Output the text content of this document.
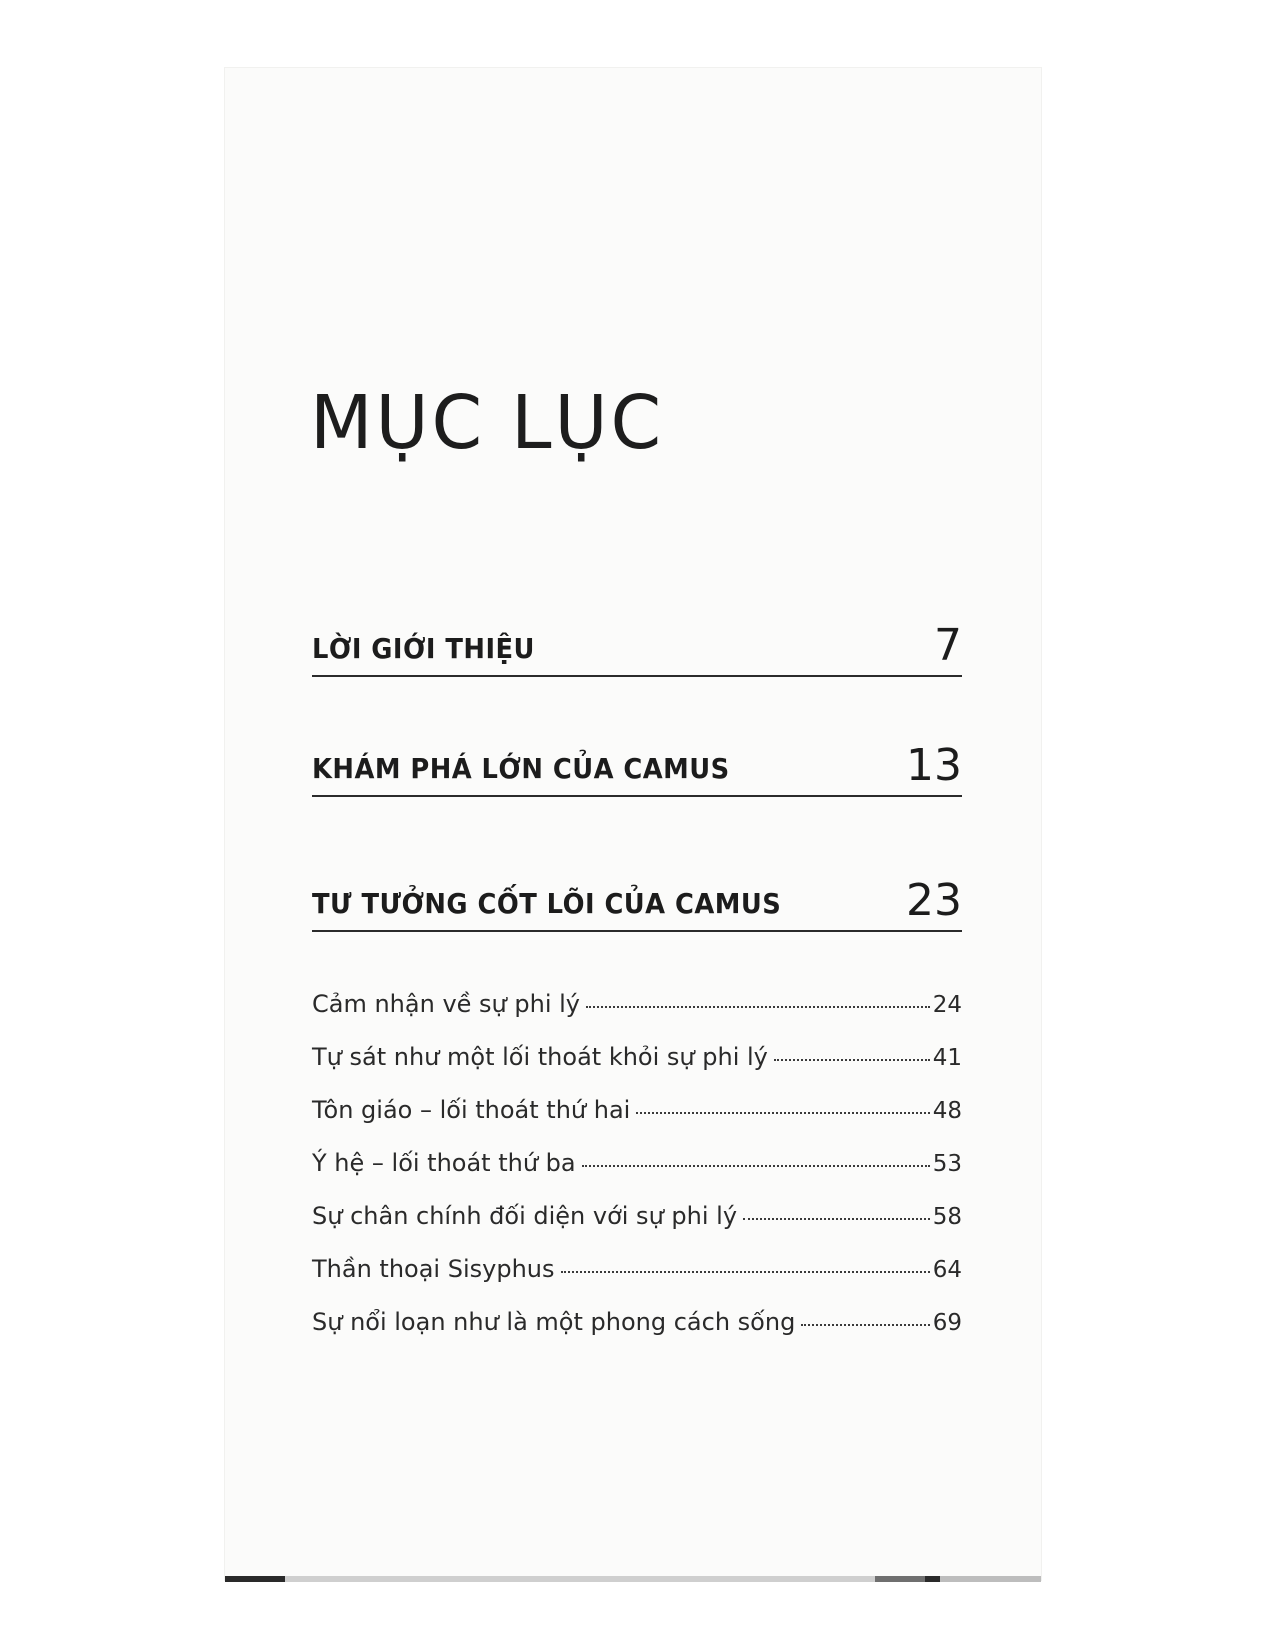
MỤC LỤC
LỜI GIỚI THIỆU	7
KHÁM PHÁ LỚN CỦA CAMUS	13
TƯ TƯỞNG CỐT LÕI CỦA CAMUS	23
Cảm nhận về sự phi lý	24
Tự sát như một lối thoát khỏi sự phi lý	41
Tôn giáo – lối thoát thứ hai	48
Ý hệ – lối thoát thứ ba	53
Sự chân chính đối diện với sự phi lý	58
Thần thoại Sisyphus	64
Sự nổi loạn như là một phong cách sống	69
